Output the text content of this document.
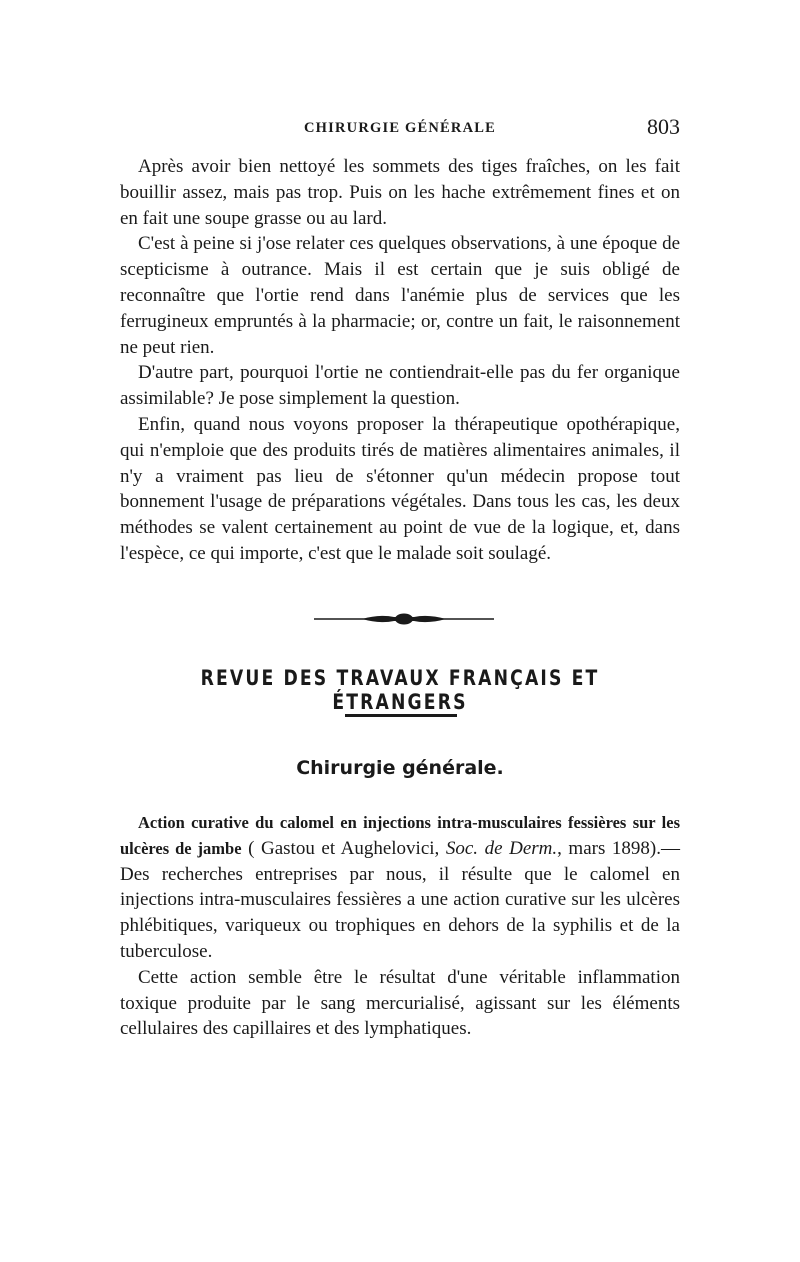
CHIRURGIE GÉNÉRALE	803

Après avoir bien nettoyé les sommets des tiges fraîches, on les fait bouillir assez, mais pas trop. Puis on les hache extrêmement fines et on en fait une soupe grasse ou au lard.

C'est à peine si j'ose relater ces quelques observations, à une époque de scepticisme à outrance. Mais il est certain que je suis obligé de reconnaître que l'ortie rend dans l'anémie plus de services que les ferrugineux empruntés à la pharmacie; or, contre un fait, le raisonnement ne peut rien.

D'autre part, pourquoi l'ortie ne contiendrait-elle pas du fer organique assimilable? Je pose simplement la question.

Enfin, quand nous voyons proposer la thérapeutique opothérapique, qui n'emploie que des produits tirés de matières alimentaires animales, il n'y a vraiment pas lieu de s'étonner qu'un médecin propose tout bonnement l'usage de préparations végétales. Dans tous les cas, les deux méthodes se valent certainement au point de vue de la logique, et, dans l'espèce, ce qui importe, c'est que le malade soit soulagé.

REVUE DES TRAVAUX FRANÇAIS ET ÉTRANGERS
Chirurgie générale.

Action curative du calomel en injections intra-musculaires fessières sur les ulcères de jambe ( Gastou et Aughelovici, Soc. de Derm., mars 1898).— Des recherches entreprises par nous, il résulte que le calomel en injections intra-musculaires fessières a une action curative sur les ulcères phlébitiques, variqueux ou trophiques en dehors de la syphilis et de la tuberculose.

Cette action semble être le résultat d'une véritable inflammation toxique produite par le sang mercurialisé, agissant sur les éléments cellulaires des capillaires et des lymphatiques.
